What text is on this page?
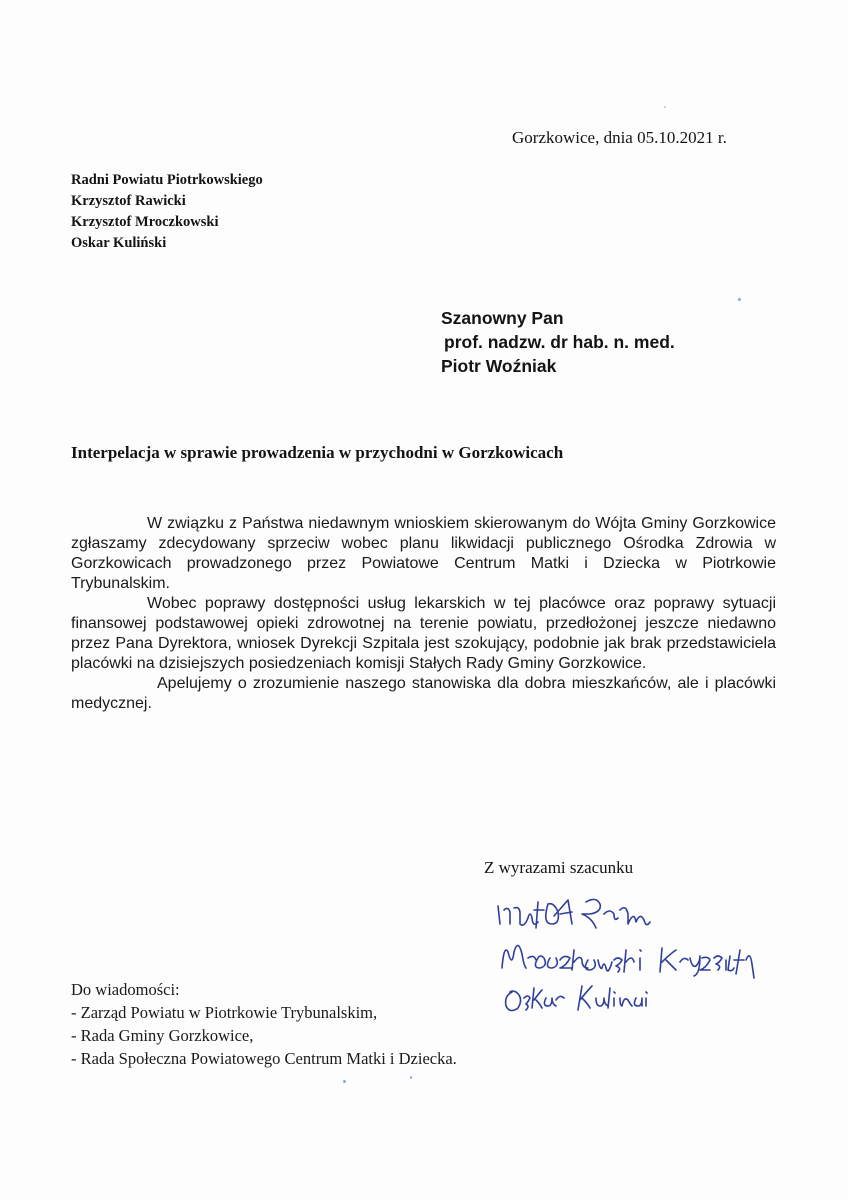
Gorzkowice, dnia 05.10.2021 r.
Radni Powiatu Piotrkowskiego
Krzysztof Rawicki
Krzysztof Mroczkowski
Oskar Kuliński
Szanowny Pan
prof. nadzw. dr hab. n. med.
Piotr Woźniak
Interpelacja w sprawie prowadzenia w przychodni w Gorzkowicach

W związku z Państwa niedawnym wnioskiem skierowanym do Wójta Gminy Gorzkowice zgłaszamy zdecydowany sprzeciw wobec planu likwidacji publicznego Ośrodka Zdrowia w Gorzkowicach prowadzonego przez Powiatowe Centrum Matki i Dziecka w Piotrkowie Trybunalskim.

Wobec poprawy dostępności usług lekarskich w tej placówce oraz poprawy sytuacji finansowej podstawowej opieki zdrowotnej na terenie powiatu, przedłożonej jeszcze niedawno przez Pana Dyrektora, wniosek Dyrekcji Szpitala jest szokujący, podobnie jak brak przedstawiciela placówki na dzisiejszych posiedzeniach komisji Stałych Rady Gminy Gorzkowice.

Apelujemy o zrozumienie naszego stanowiska dla dobra mieszkańców, ale i placówki medycznej.

Z wyrazami szacunku
Do wiadomości:
- Zarząd Powiatu w Piotrkowie Trybunalskim,
- Rada Gminy Gorzkowice,
- Rada Społeczna Powiatowego Centrum Matki i Dziecka.
